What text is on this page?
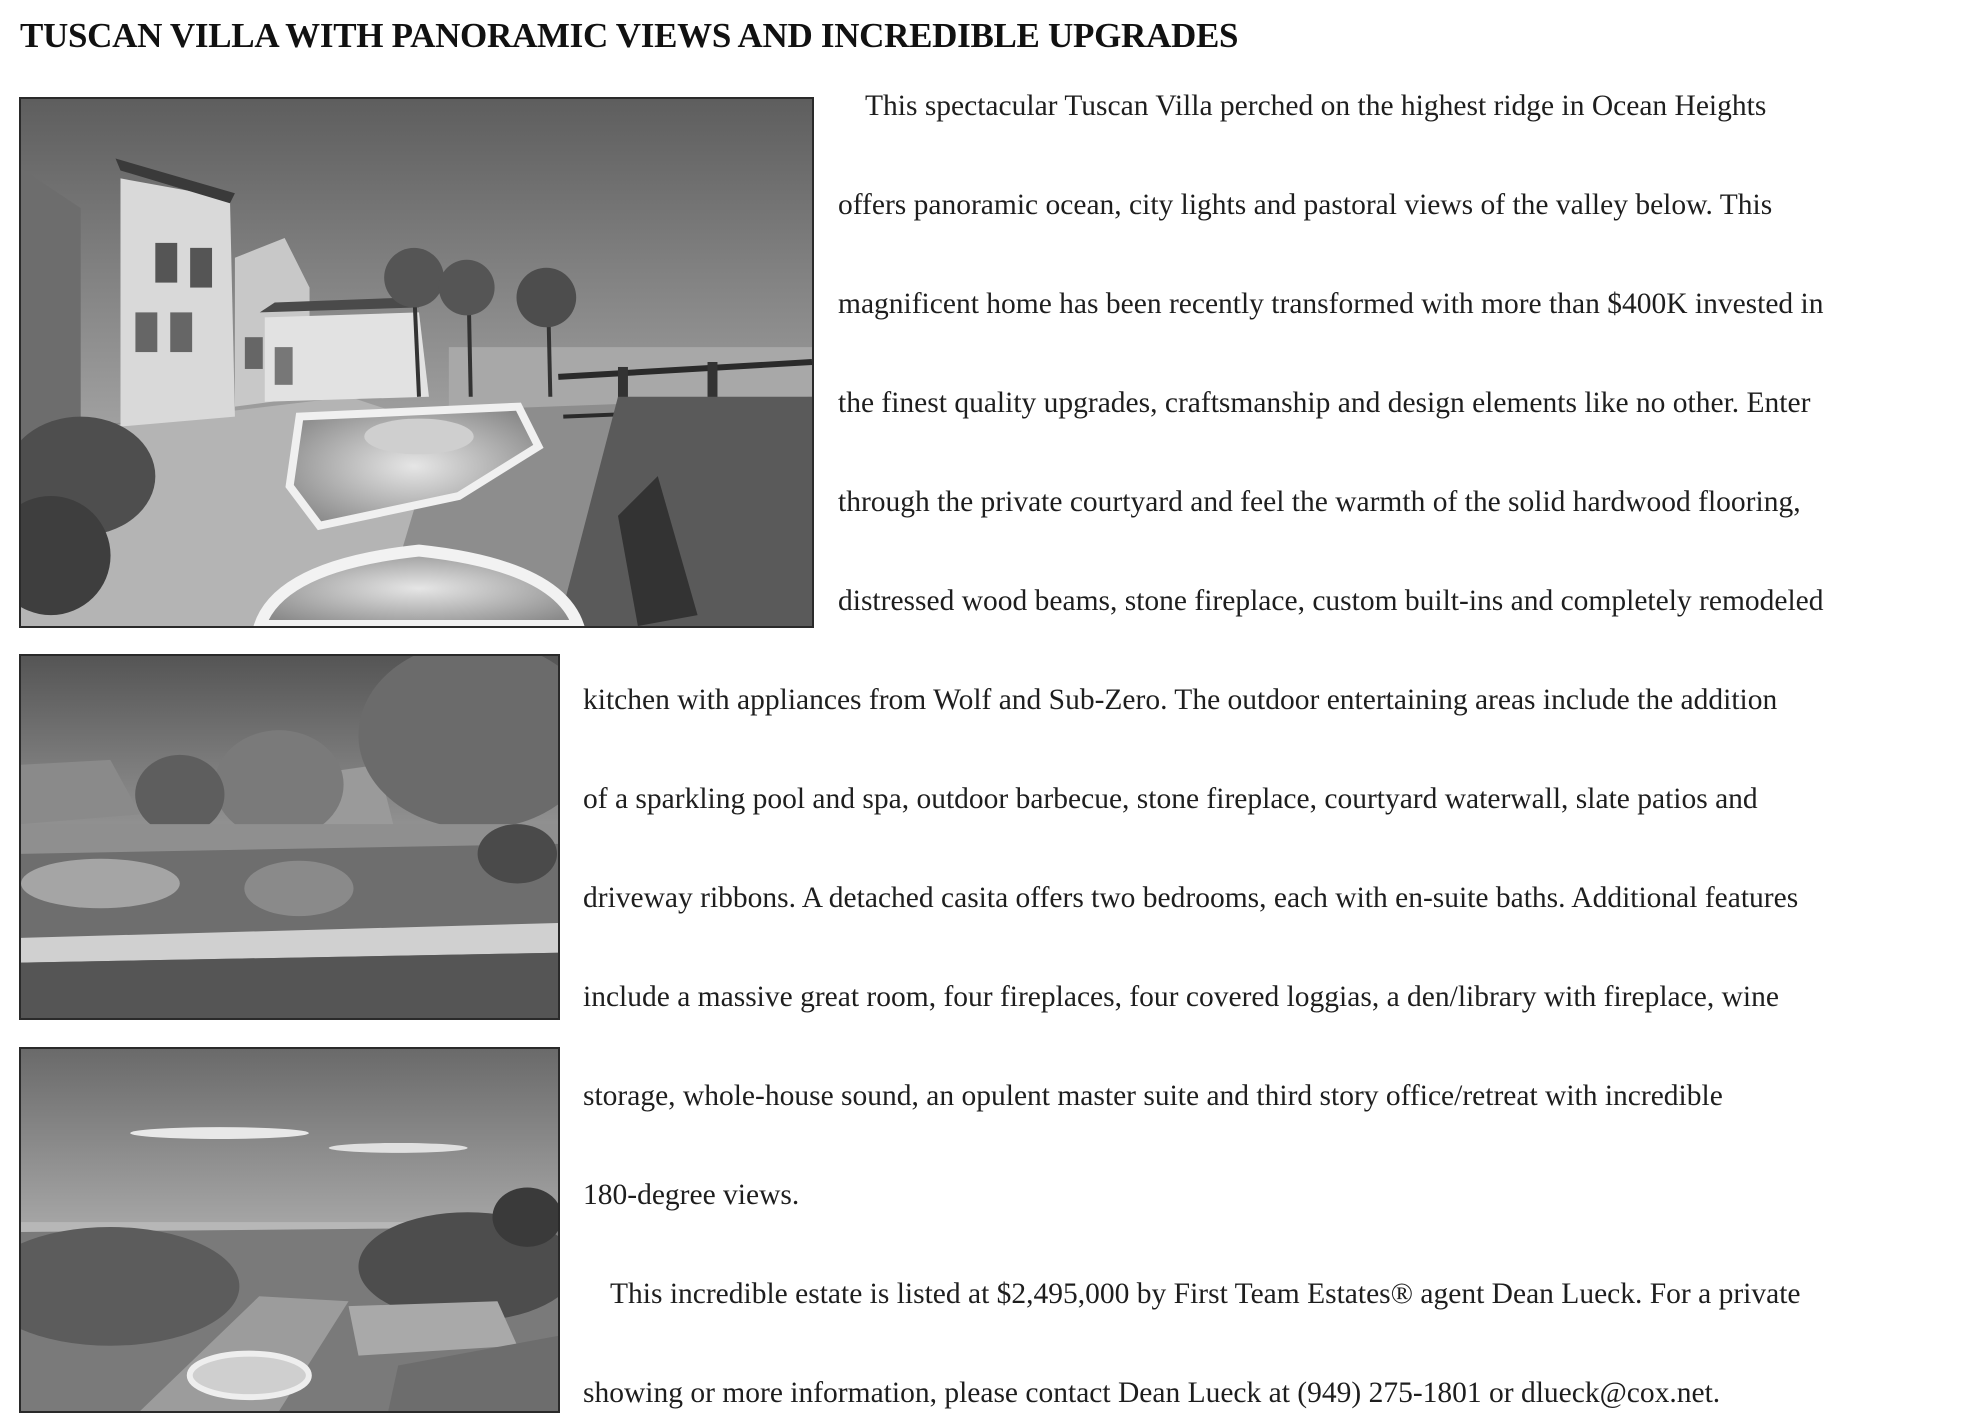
TUSCAN VILLA WITH PANORAMIC VIEWS AND INCREDIBLE UPGRADES

This spectacular Tuscan Villa perched on the highest ridge in Ocean Heights

offers panoramic ocean, city lights and pastoral views of the valley below. This

magnificent home has been recently transformed with more than $400K invested in

the finest quality upgrades, craftsmanship and design elements like no other. Enter

through the private courtyard and feel the warmth of the solid hardwood flooring,

distressed wood beams, stone fireplace, custom built-ins and completely remodeled

kitchen with appliances from Wolf and Sub-Zero. The outdoor entertaining areas include the addition

of a sparkling pool and spa, outdoor barbecue, stone fireplace, courtyard waterwall, slate patios and

driveway ribbons. A detached casita offers two bedrooms, each with en-suite baths. Additional features

include a massive great room, four fireplaces, four covered loggias, a den/library with fireplace, wine

storage, whole-house sound, an opulent master suite and third story office/retreat with incredible

180-degree views.

This incredible estate is listed at $2,495,000 by First Team Estates® agent Dean Lueck. For a private

showing or more information, please contact Dean Lueck at (949) 275-1801 or dlueck@cox.net.
